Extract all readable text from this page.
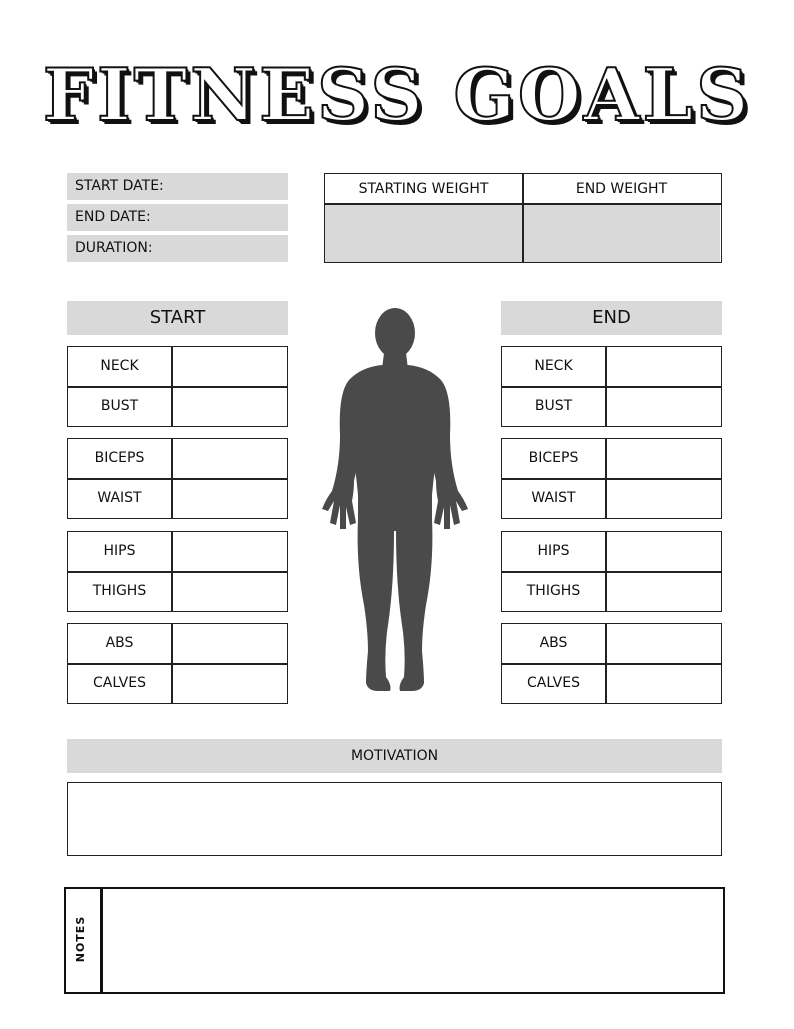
FITNESS GOALS
START DATE:
END DATE:
DURATION:
STARTING WEIGHT	END WEIGHT
START
NECK
BUST
BICEPS
WAIST
HIPS
THIGHS
ABS
CALVES
END
NECK
BUST
BICEPS
WAIST
HIPS
THIGHS
ABS
CALVES
MOTIVATION
NOTES
